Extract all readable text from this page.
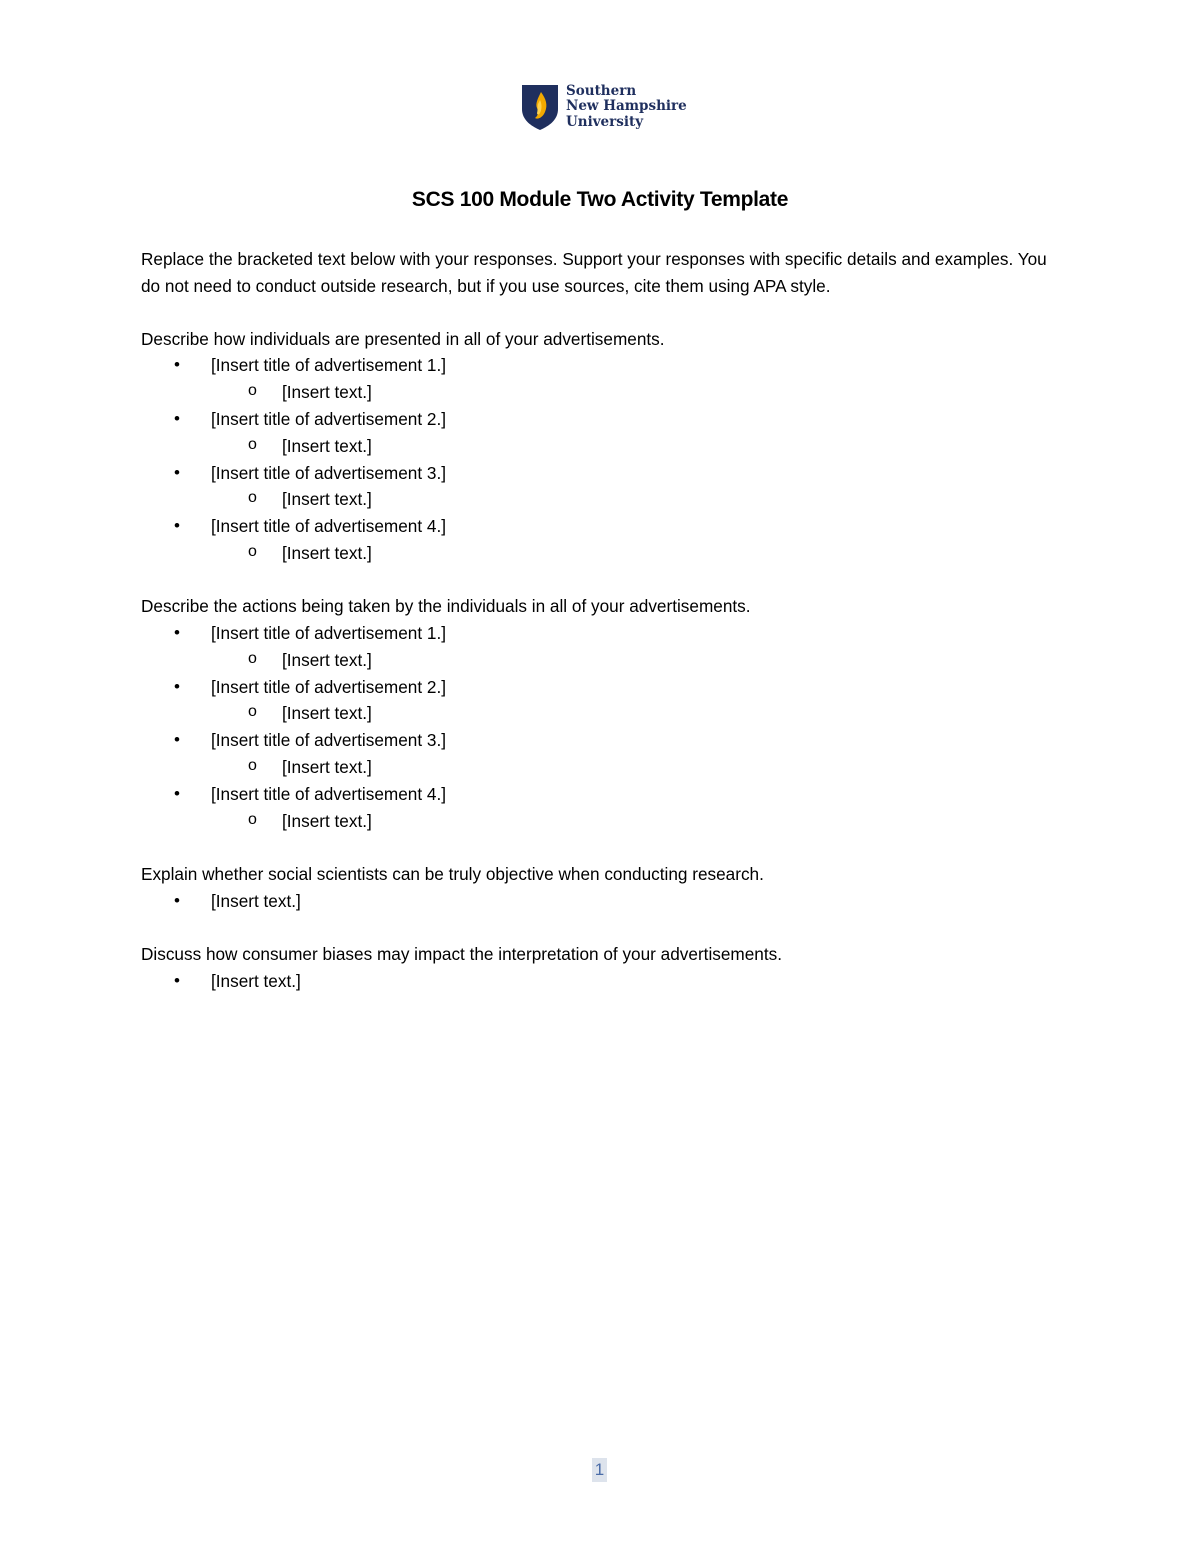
Southern
New Hampshire
University
SCS 100 Module Two Activity Template

Replace the bracketed text below with your responses. Support your responses with specific details and examples. You do not need to conduct outside research, but if you use sources, cite them using APA style.

Describe how individuals are presented in all of your advertisements.

• [Insert title of advertisement 1.]
o [Insert text.]
• [Insert title of advertisement 2.]
o [Insert text.]
• [Insert title of advertisement 3.]
o [Insert text.]
• [Insert title of advertisement 4.]
o [Insert text.]

Describe the actions being taken by the individuals in all of your advertisements.

• [Insert title of advertisement 1.]
o [Insert text.]
• [Insert title of advertisement 2.]
o [Insert text.]
• [Insert title of advertisement 3.]
o [Insert text.]
• [Insert title of advertisement 4.]
o [Insert text.]

Explain whether social scientists can be truly objective when conducting research.

• [Insert text.]

Discuss how consumer biases may impact the interpretation of your advertisements.

• [Insert text.]
1
